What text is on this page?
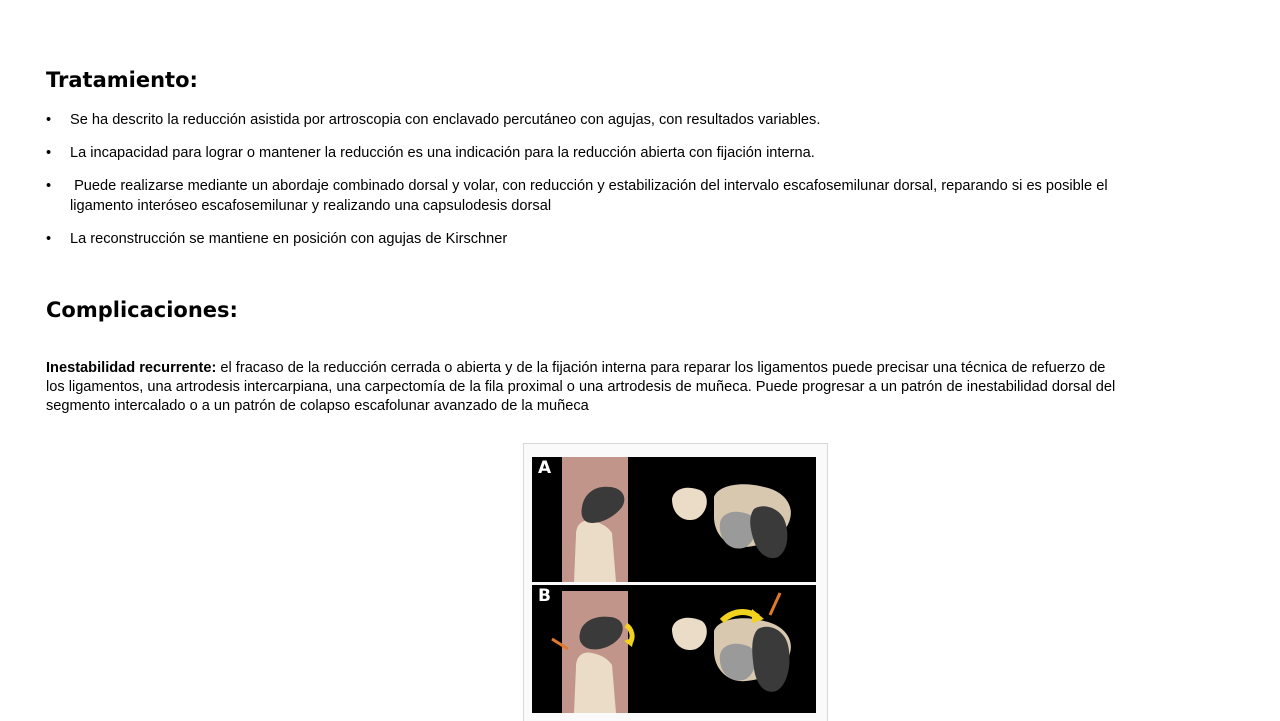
Tratamiento:
• Se ha descrito la reducción asistida por artroscopia con enclavado percutáneo con agujas, con resultados variables.
• La incapacidad para lograr o mantener la reducción es una indicación para la reducción abierta con fijación interna.
• Puede realizarse mediante un abordaje combinado dorsal y volar, con reducción y estabilización del intervalo escafosemilunar dorsal, reparando si es posible el ligamento interóseo escafosemilunar y realizando una capsulodesis dorsal
• La reconstrucción se mantiene en posición con agujas de Kirschner
Complicaciones:

Inestabilidad recurrente: el fracaso de la reducción cerrada o abierta y de la fijación interna para reparar los ligamentos puede precisar una técnica de refuerzo de los ligamentos, una artrodesis intercarpiana, una carpectomía de la fila proximal o una artrodesis de muñeca. Puede progresar a un patrón de inestabilidad dorsal del segmento intercalado o a un patrón de colapso escafolunar avanzado de la muñeca

A
B
